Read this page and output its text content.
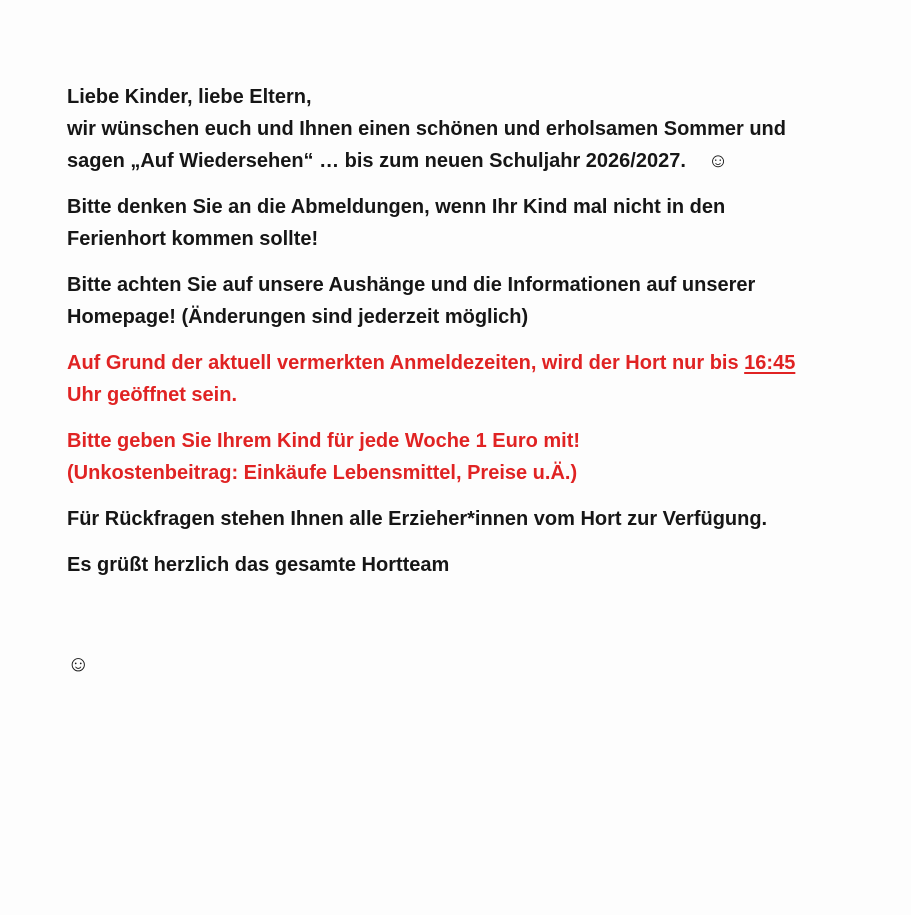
Liebe Kinder, liebe Eltern,
wir wünschen euch und Ihnen einen schönen und erholsamen Sommer und
sagen „Auf Wiedersehen“ … bis zum neuen Schuljahr 2026/2027. ☺

Bitte denken Sie an die Abmeldungen, wenn Ihr Kind mal nicht in den
Ferienhort kommen sollte!

Bitte achten Sie auf unsere Aushänge und die Informationen auf unserer
Homepage! (Änderungen sind jederzeit möglich)

Auf Grund der aktuell vermerkten Anmeldezeiten, wird der Hort nur bis 16:45
Uhr geöffnet sein.

Bitte geben Sie Ihrem Kind für jede Woche 1 Euro mit!
(Unkostenbeitrag: Einkäufe Lebensmittel, Preise u.Ä.)

Für Rückfragen stehen Ihnen alle Erzieher*innen vom Hort zur Verfügung.

Es grüßt herzlich das gesamte Hortteam

☺
